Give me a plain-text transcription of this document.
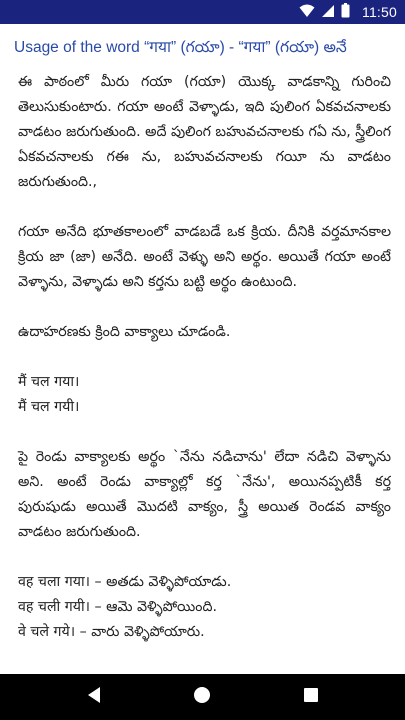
11:50
Usage of the word “गया” (గయా) - “गया” (గయా) అనే

ఈ పాఠంలో మీరు గయా (గయా) యొక్క వాడకాన్ని గురించి తెలుసుకుంటారు. గయా అంటే వెళ్ళాడు, ఇది పులింగ ఏకవచనాలకు వాడటం జరుగుతుంది. అదే పులింగ బహువచనాలకు గఏ ను, స్త్రీలింగ ఏకవచనాలకు గఈ ను, బహువచనాలకు గయీ ను వాడటం జరుగుతుంది.,

గయా అనేది భూతకాలంలో వాడబడే ఒక క్రియ. దీనికి వర్తమానకాల క్రియ జా (జా) అనేది. అంటే వెళ్ళు అని అర్థం. అయితే గయా అంటే వెళ్ళాను, వెళ్ళాడు అని కర్తను బట్టి అర్థం ఉంటుంది.

ఉదాహరణకు క్రింది వాక్యాలు చూడండి.

मैं चल गया।
मैं चल गयी।

పై రెండు వాక్యాలకు అర్థం `నేను నడిచాను' లేదా నడిచి వెళ్ళాను అని. అంటే రెండు వాక్యాల్లో కర్త `నేను', అయినప్పటికీ కర్త పురుషుడు అయితే మొదటి వాక్యం, స్త్రీ అయిత రెండవ వాక్యం వాడటం జరుగుతుంది.

वह चला गया। – అతడు వెళ్ళిపోయాడు.
वह चली गयी। – ఆమె వెళ్ళిపోయింది.
वे चले गये। – వారు వెళ్ళిపోయారు.
